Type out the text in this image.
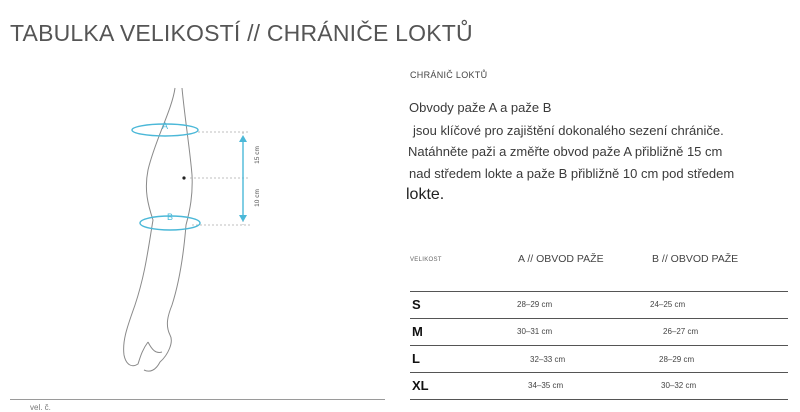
TABULKA VELIKOSTÍ // CHRÁNIČE LOKTŮ
A
B
15 cm
10 cm
vel. č.
CHRÁNIČ LOKTŮ
Obvody paže A a paže B
jsou klíčové pro zajištění dokonalého sezení chrániče.
Natáhněte paži a změřte obvod paže A přibližně 15 cm
nad středem lokte a paže B přibližně 10 cm pod středem
lokte.
VELIKOST	A // OBVOD PAŽE	B // OBVOD PAŽE
S	28–29 cm	24–25 cm
M	30–31 cm	26–27 cm
L	32–33 cm	28–29 cm
XL	34–35 cm	30–32 cm
